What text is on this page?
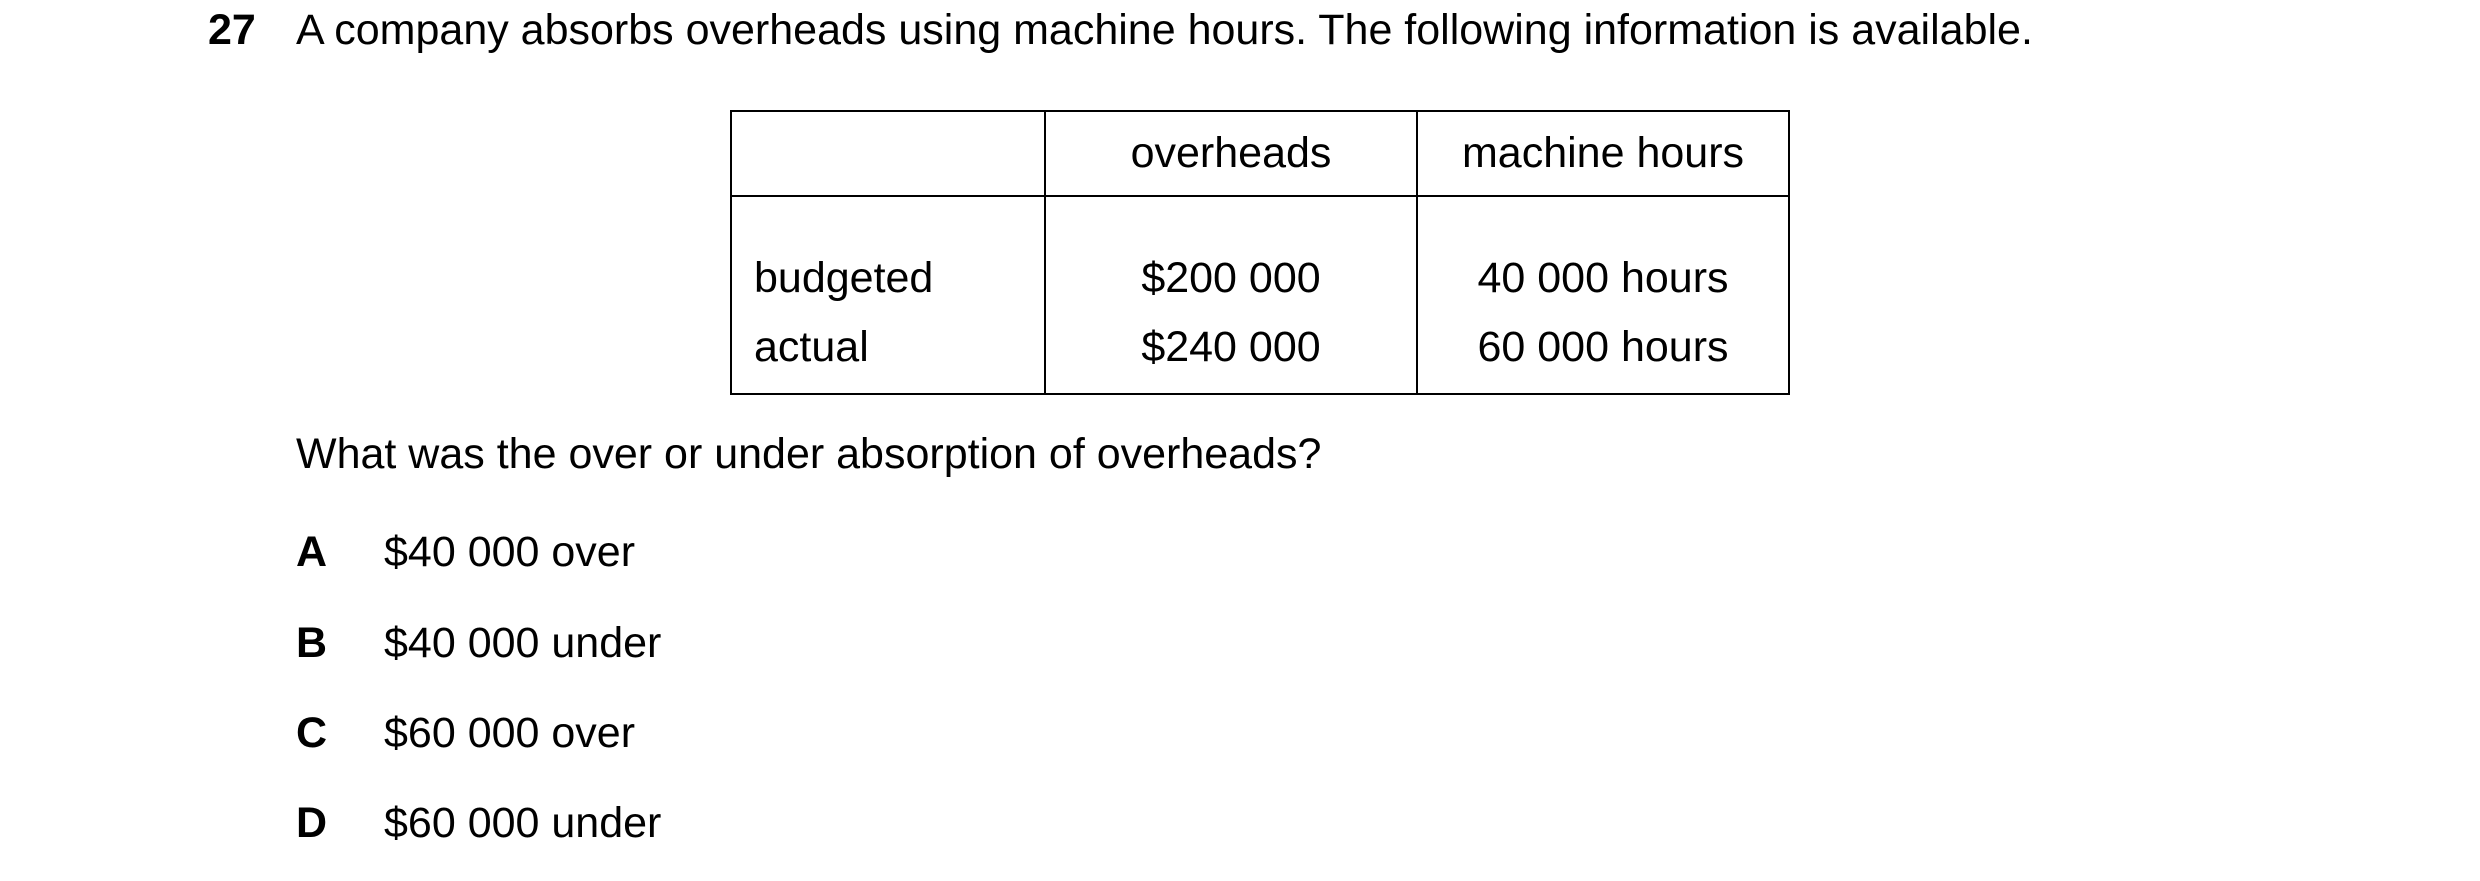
27 A company absorbs overheads using machine hours. The following information is available.
	overheads	machine hours
budgeted	$200 000	40 000 hours
actual	$240 000	60 000 hours
What was the over or under absorption of overheads?
A $40 000 over
B $40 000 under
C $60 000 over
D $60 000 under
